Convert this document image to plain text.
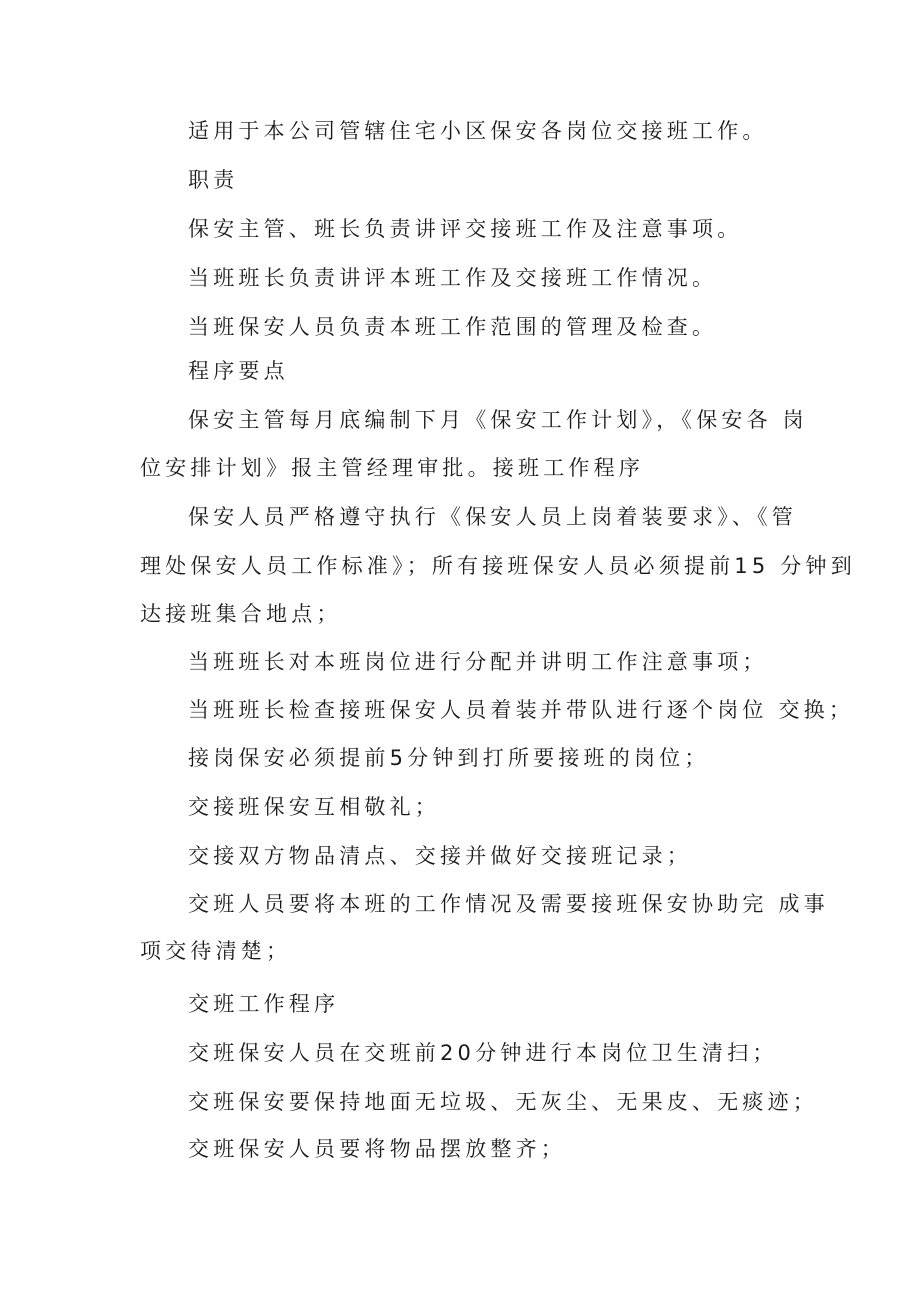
适用于本公司管辖住宅小区保安各岗位交接班工作。
职责
保安主管、班长负责讲评交接班工作及注意事项。
当班班长负责讲评本班工作及交接班工作情况。
当班保安人员负责本班工作范围的管理及检查。
程序要点
保安主管每月底编制下月《保安工作计划》，《保安各 岗
位安排计划》报主管经理审批。接班工作程序
保安人员严格遵守执行《保安人员上岗着装要求》、《管
理处保安人员工作标准》；所有接班保安人员必须提前15 分钟到
达接班集合地点；
当班班长对本班岗位进行分配并讲明工作注意事项；
当班班长检查接班保安人员着装并带队进行逐个岗位 交换；
接岗保安必须提前5分钟到打所要接班的岗位；
交接班保安互相敬礼；
交接双方物品清点、交接并做好交接班记录；
交班人员要将本班的工作情况及需要接班保安协助完 成事
项交待清楚；
交班工作程序
交班保安人员在交班前20分钟进行本岗位卫生清扫；
交班保安要保持地面无垃圾、无灰尘、无果皮、无痰迹；
交班保安人员要将物品摆放整齐；
